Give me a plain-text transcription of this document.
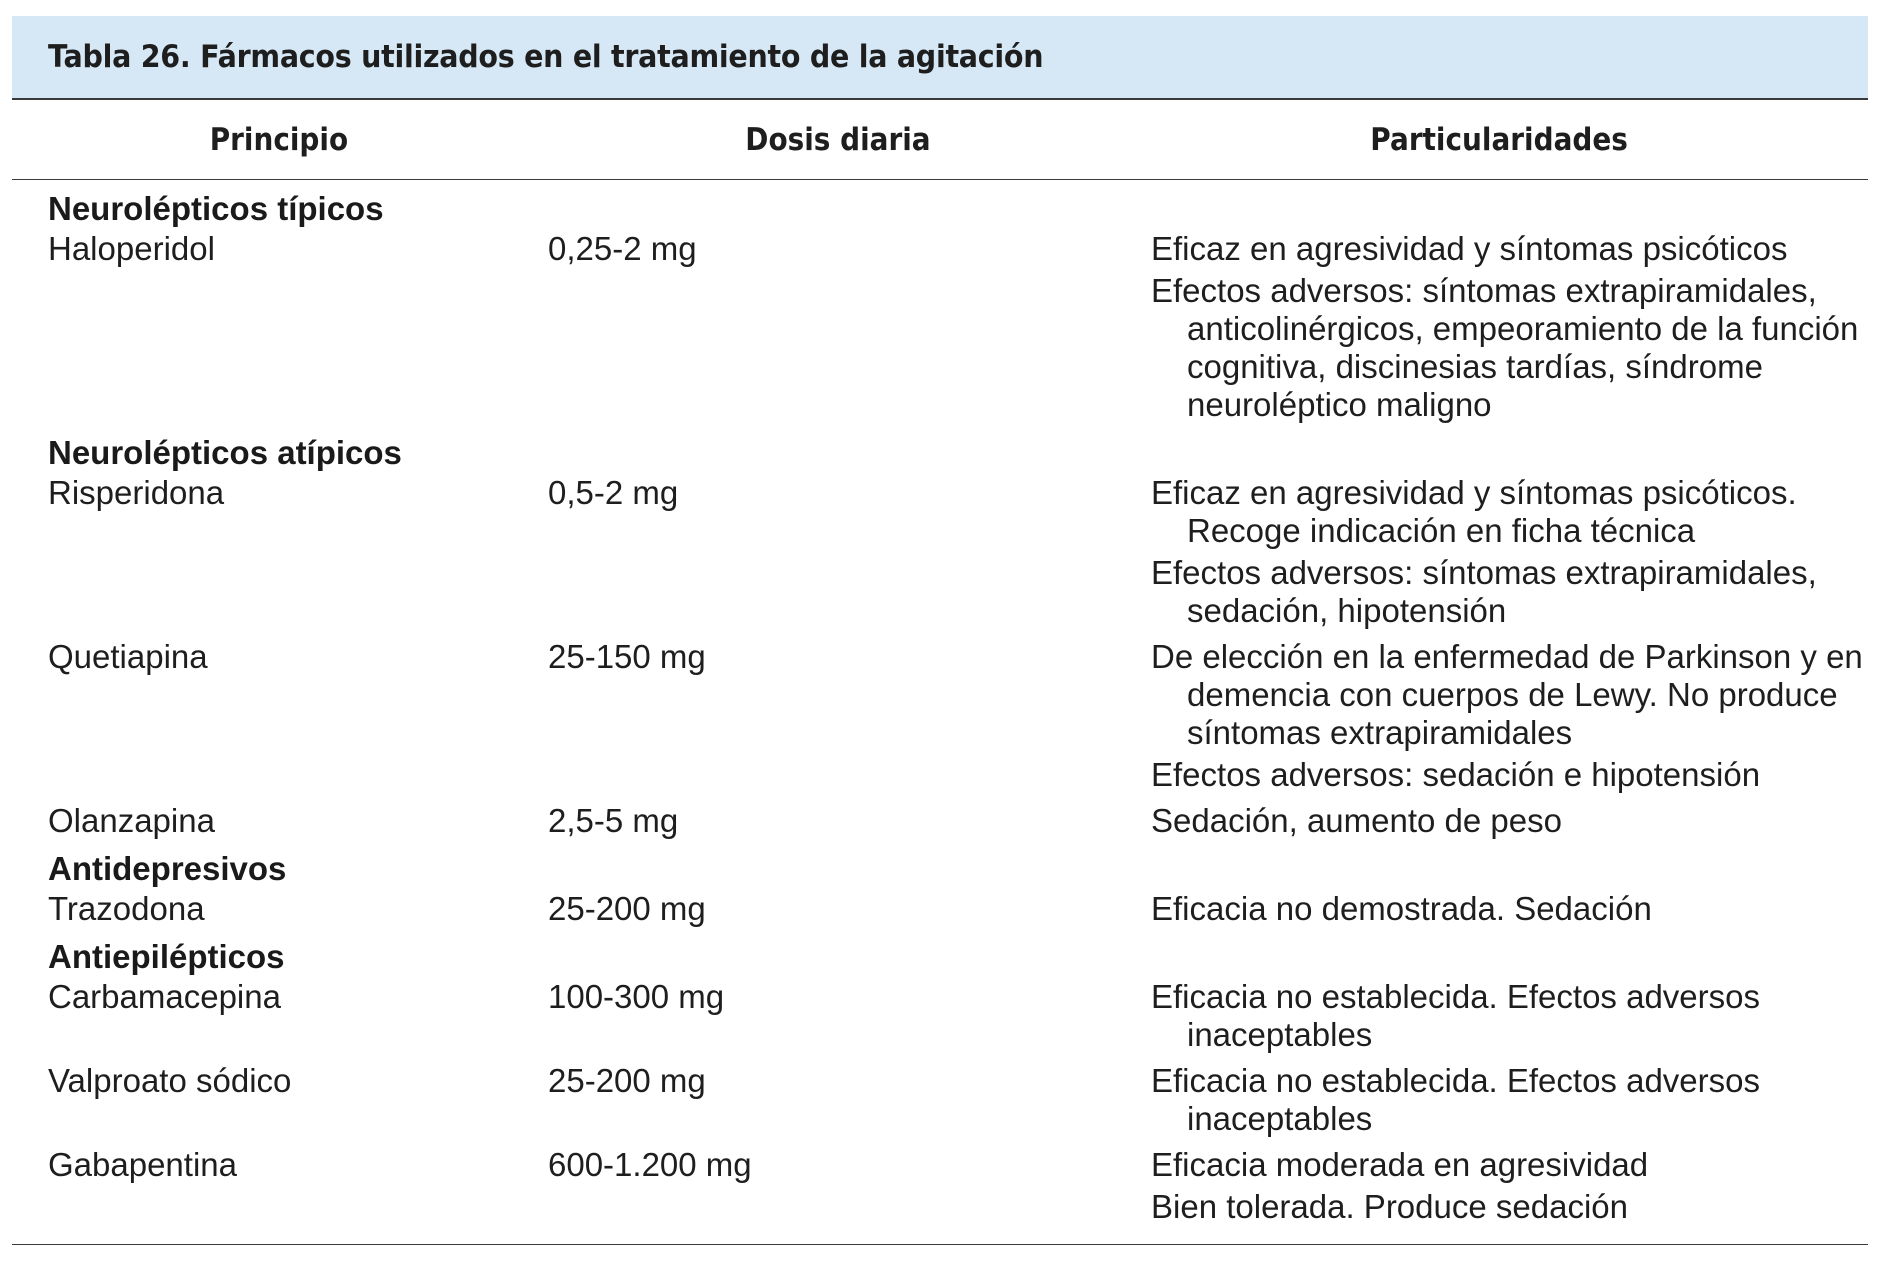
Tabla 26. Fármacos utilizados en el tratamiento de la agitación
Principio	Dosis diaria	Particularidades
Neurolépticos típicos
Haloperidol	0,25-2 mg	Eficaz en agresividad y síntomas psicóticos
Efectos adversos: síntomas extrapiramidales, anticolinérgicos, empeoramiento de la función cognitiva, discinesias tardías, síndrome neuroléptico maligno
Neurolépticos atípicos
Risperidona	0,5-2 mg	Eficaz en agresividad y síntomas psicóticos. Recoge indicación en ficha técnica
Efectos adversos: síntomas extrapiramidales, sedación, hipotensión
Quetiapina	25-150 mg	De elección en la enfermedad de Parkinson y en demencia con cuerpos de Lewy. No produce síntomas extrapiramidales
Efectos adversos: sedación e hipotensión
Olanzapina	2,5-5 mg	Sedación, aumento de peso
Antidepresivos
Trazodona	25-200 mg	Eficacia no demostrada. Sedación
Antiepilépticos
Carbamacepina	100-300 mg	Eficacia no establecida. Efectos adversos inaceptables
Valproato sódico	25-200 mg	Eficacia no establecida. Efectos adversos inaceptables
Gabapentina	600-1.200 mg	Eficacia moderada en agresividad
Bien tolerada. Produce sedación
